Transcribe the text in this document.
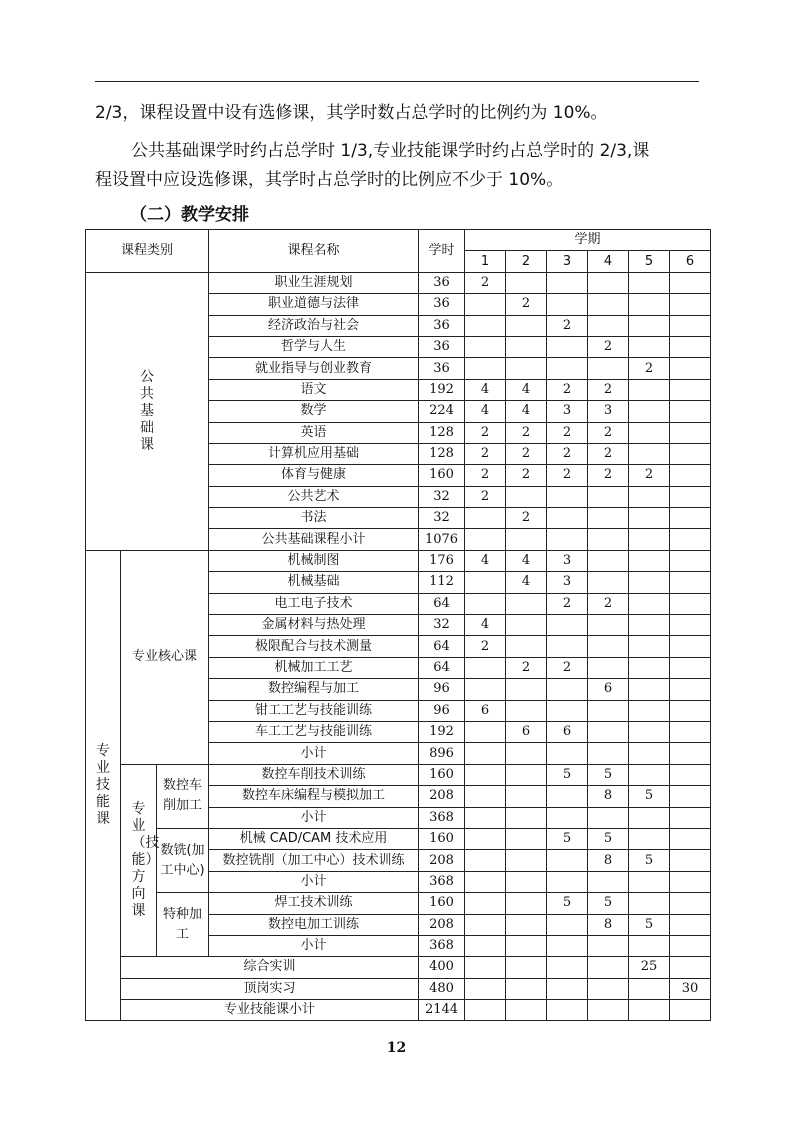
2/3，课程设置中设有选修课，其学时数占总学时的比例约为 10%。

公共基础课学时约占总学时 1/3,专业技能课学时约占总学时的 2/3,课

程设置中应设选修课，其学时占总学时的比例应不少于 10%。

（二）教学安排

课程类别			课程名称	学时	学期					
					1	2	3	4	5	6
公共基础课			职业生涯规划	36	2					
			职业道德与法律	36		2				
			经济政治与社会	36			2			
			哲学与人生	36				2		
			就业指导与创业教育	36					2	
			语文	192	4	4	2	2		
			数学	224	4	4	3	3		
			英语	128	2	2	2	2		
			计算机应用基础	128	2	2	2	2		
			体育与健康	160	2	2	2	2	2	
			公共艺术	32	2					
			书法	32		2				
			公共基础课程小计	1076						
专业技能课	专业核心课		机械制图	176	4	4	3			
			机械基础	112		4	3			
			电工电子技术	64			2	2		
			金属材料与热处理	32	4					
			极限配合与技术测量	64	2					
			机械加工工艺	64		2	2			
			数控编程与加工	96				6		
			钳工工艺与技能训练	96	6					
			车工工艺与技能训练	192		6	6			
			小计	896						
	专业（技能）方向课	数控车削加工	数控车削技术训练	160			5	5		
			数控车床编程与模拟加工	208				8	5	
			小计	368						
		数铣(加工中心)	机械 CAD/CAM 技术应用	160			5	5		
			数控铣削（加工中心）技术训练	208				8	5	
			小计	368						
		特种加工	焊工技术训练	160			5	5		
			数控电加工训练	208				8	5	
			小计	368						
	综合实训			400					25	
	顶岗实习			480						30
	专业技能课小计			2144						

12
